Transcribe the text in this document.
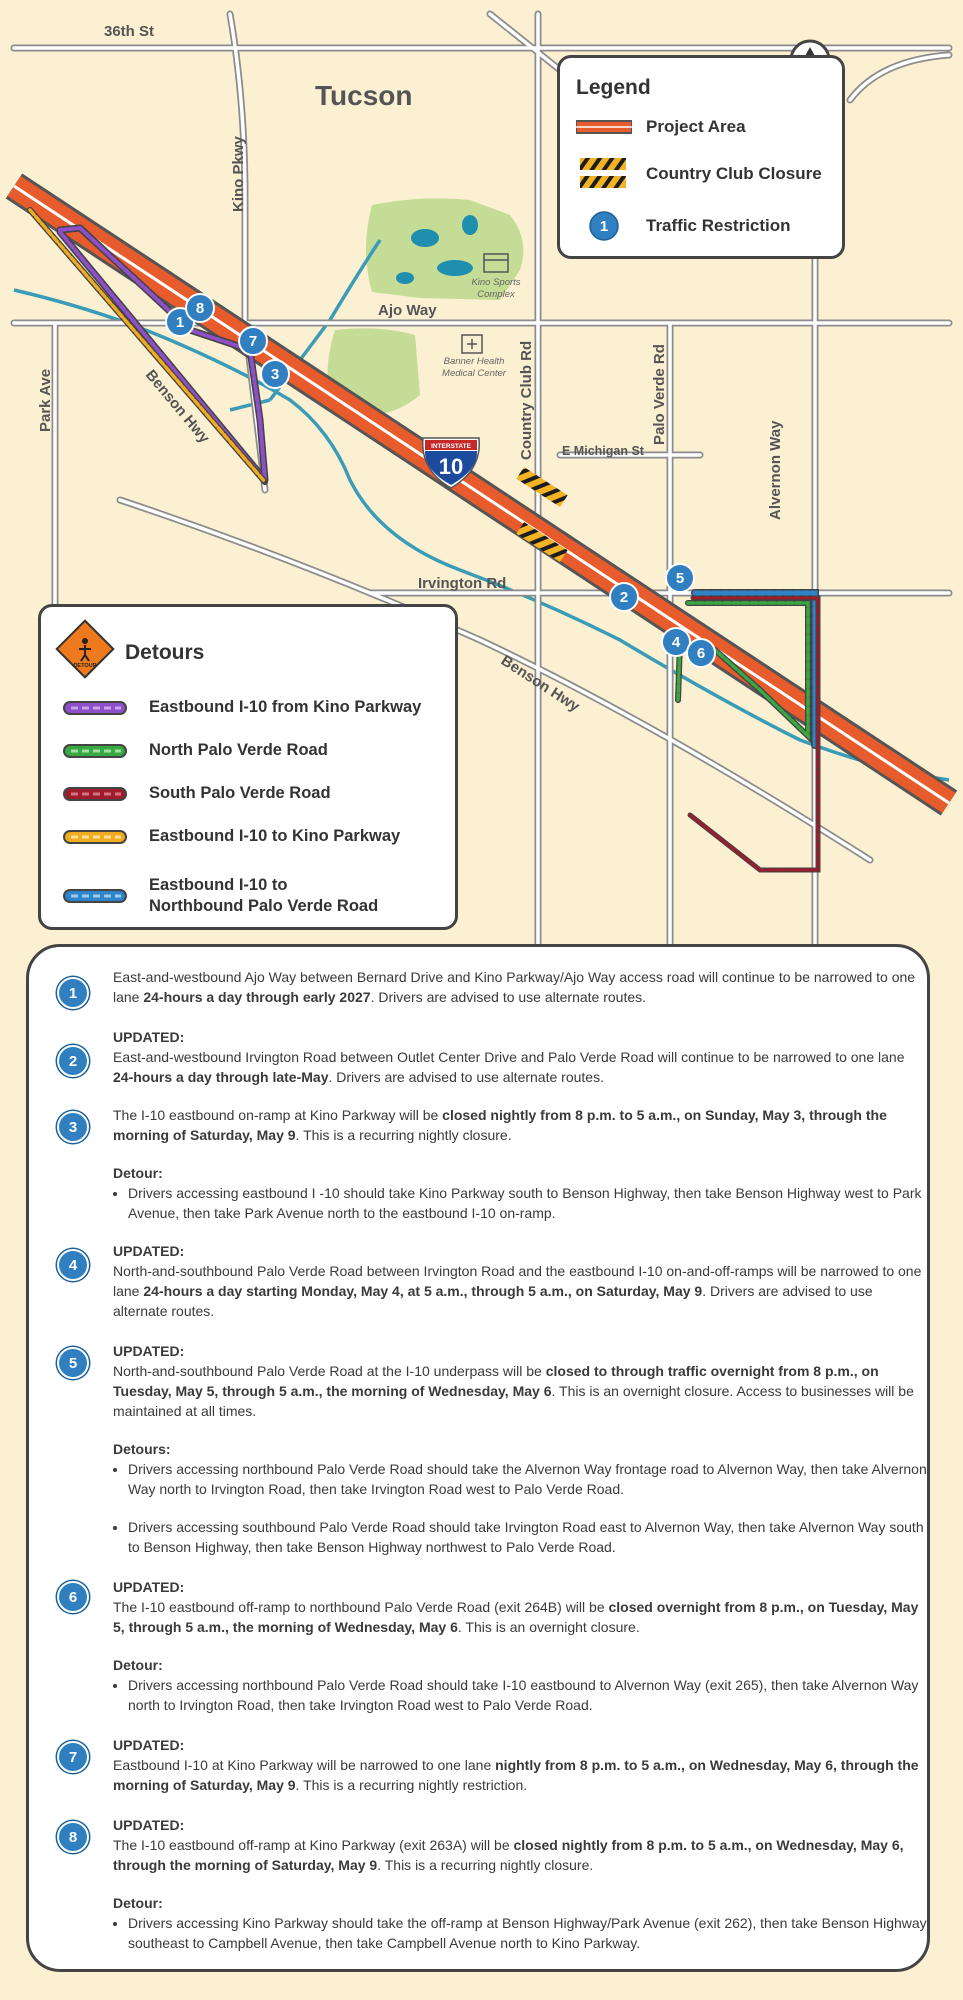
INTERSTATE
10
Tucson
36th St
Kino Pkwy
Ajo Way
Park Ave	Benson Hwy	Country Club Rd	Palo Verde Rd
Alvernon Way
E Michigan St
Irvington Rd
Benson Hwy
Kino Sports
Complex
Banner Health
Medical Center
1
8
7
3
5
2
4
6
Legend
Project Area
Country Club Closure
1 Traffic Restriction
DETOUR
Detours
Eastbound I-10 from Kino Parkway
North Palo Verde Road
South Palo Verde Road
Eastbound I-10 to Kino Parkway
Eastbound I-10 to
Northbound Palo Verde Road
1

East-and-westbound Ajo Way between Bernard Drive and Kino Parkway/Ajo Way access road will continue to be narrowed to one lane 24-hours a day through early 2027. Drivers are advised to use alternate routes.

2

UPDATED:

East-and-westbound Irvington Road between Outlet Center Drive and Palo Verde Road will continue to be narrowed to one lane 24-hours a day through late-May. Drivers are advised to use alternate routes.

3

The I-10 eastbound on-ramp at Kino Parkway will be closed nightly from 8 p.m. to 5 a.m., on Sunday, May 3, through the morning of Saturday, May 9. This is a recurring nightly closure.

Detour:

• Drivers accessing eastbound I -10 should take Kino Parkway south to Benson Highway, then take Benson Highway west to Park Avenue, then take Park Avenue north to the eastbound I-10 on-ramp.
4

UPDATED:

North-and-southbound Palo Verde Road between Irvington Road and the eastbound I-10 on-and-off-ramps will be narrowed to one lane 24-hours a day starting Monday, May 4, at 5 a.m., through 5 a.m., on Saturday, May 9. Drivers are advised to use alternate routes.

5

UPDATED:

North-and-southbound Palo Verde Road at the I-10 underpass will be closed to through traffic overnight from 8 p.m., on Tuesday, May 5, through 5 a.m., the morning of Wednesday, May 6. This is an overnight closure. Access to businesses will be maintained at all times.

Detours:

• Drivers accessing northbound Palo Verde Road should take the Alvernon Way frontage road to Alvernon Way, then take Alvernon Way north to Irvington Road, then take Irvington Road west to Palo Verde Road.
• Drivers accessing southbound Palo Verde Road should take Irvington Road east to Alvernon Way, then take Alvernon Way south to Benson Highway, then take Benson Highway northwest to Palo Verde Road.
6

UPDATED:

The I-10 eastbound off-ramp to northbound Palo Verde Road (exit 264B) will be closed overnight from 8 p.m., on Tuesday, May 5, through 5 a.m., the morning of Wednesday, May 6. This is an overnight closure.

Detour:

• Drivers accessing northbound Palo Verde Road should take I-10 eastbound to Alvernon Way (exit 265), then take Alvernon Way north to Irvington Road, then take Irvington Road west to Palo Verde Road.
7

UPDATED:

Eastbound I-10 at Kino Parkway will be narrowed to one lane nightly from 8 p.m. to 5 a.m., on Wednesday, May 6, through the morning of Saturday, May 9. This is a recurring nightly restriction.

8

UPDATED:

The I-10 eastbound off-ramp at Kino Parkway (exit 263A) will be closed nightly from 8 p.m. to 5 a.m., on Wednesday, May 6, through the morning of Saturday, May 9. This is a recurring nightly closure.

Detour:

• Drivers accessing Kino Parkway should take the off-ramp at Benson Highway/Park Avenue (exit 262), then take Benson Highway southeast to Campbell Avenue, then take Campbell Avenue north to Kino Parkway.
